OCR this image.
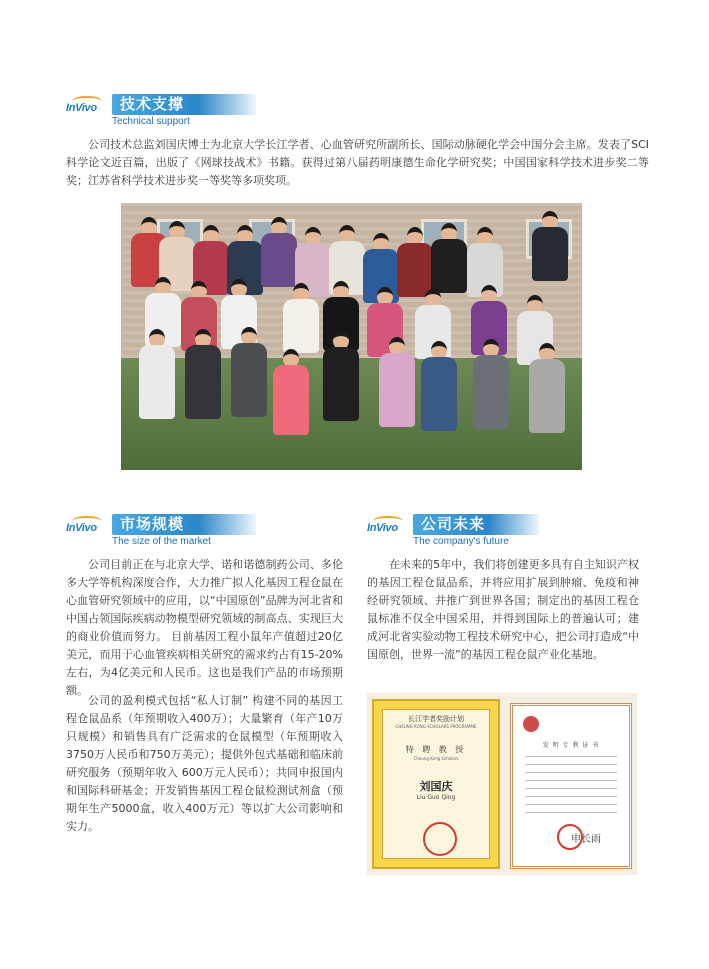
InVivo 技术支撑
Technical support

公司技术总监刘国庆博士为北京大学长江学者、心血管研究所副所长、国际动脉硬化学会中国分会主席。发表了SCI科学论文近百篇，出版了《网球技战术》书籍。获得过第八届药明康德生命化学研究奖；中国国家科学技术进步奖二等奖；江苏省科学技术进步奖一等奖等多项奖项。

InVivo 市场规模
The size of the market

公司目前正在与北京大学、诺和诺德制药公司、多伦多大学等机构深度合作，大力推广拟人化基因工程仓鼠在心血管研究领域中的应用，以“中国原创”品牌为河北省和中国占领国际疾病动物模型研究领域的制高点、实现巨大的商业价值而努力。 目前基因工程小鼠年产值超过20亿美元，而用于心血管疾病相关研究的需求约占有15-20%左右，为4亿美元和人民币。这也是我们产品的市场预期额。

公司的盈利模式包括“私人订制” 构建不同的基因工程仓鼠品系（年预期收入400万）；大量繁育（年产10万只规模）和销售具有广泛需求的仓鼠模型（年预期收入3750万人民币和750万美元）；提供外包式基础和临床前研究服务（预期年收入 600万元人民币）；共同申报国内和国际科研基金；开发销售基因工程仓鼠检测试剂盒（预期年生产5000盒，收入400万元）等以扩大公司影响和实力。

InVivo 公司未来
The company's future

在未来的5年中，我们将创建更多具有自主知识产权的基因工程仓鼠品系，并将应用扩展到肿瘤、免疫和神经研究领域、并推广到世界各国；制定出的基因工程仓鼠标准不仅全中国采用，并得到国际上的普遍认可；建成河北省实验动物工程技术研究中心，把公司打造成“中国原创，世界一流”的基因工程仓鼠产业化基地。

长江学者奖励计划
CHEUNG KONG SCHOLARS PROGRAMME
特 聘 教 授
Cheung Kong Scholars
刘国庆
Liu Guo Qing
发 明 专 利 证 书
申长雨
